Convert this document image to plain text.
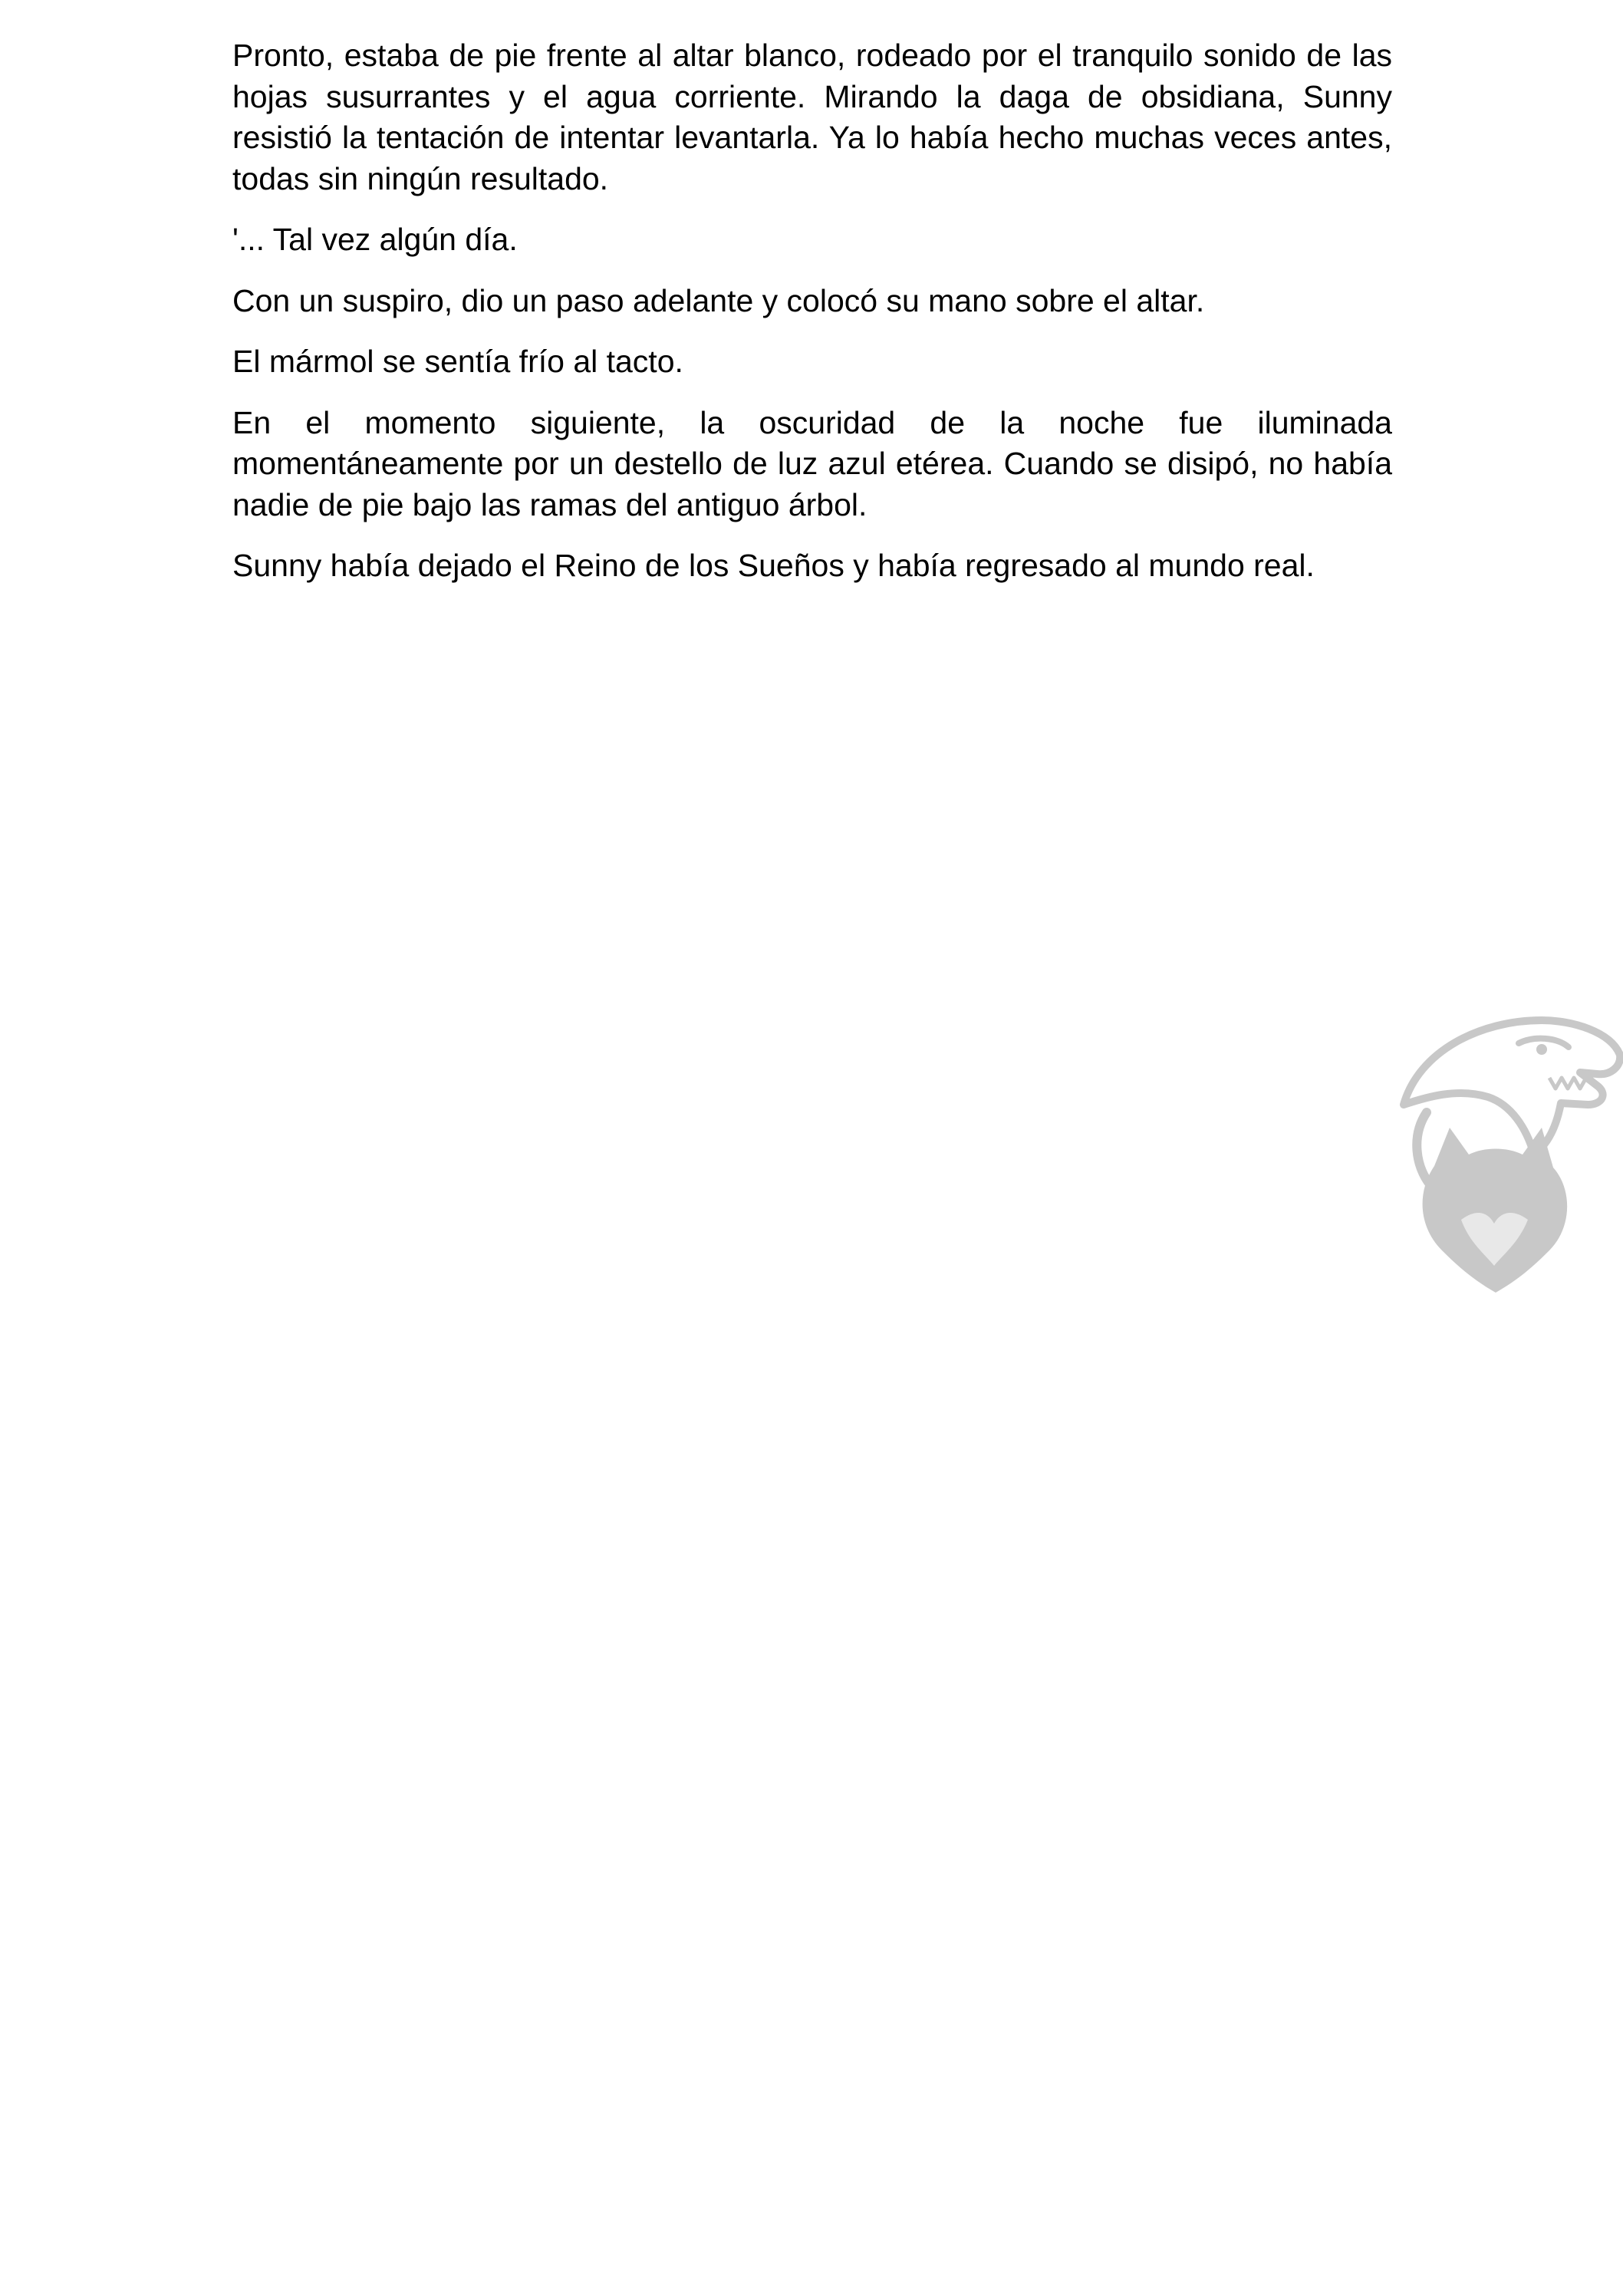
Pronto, estaba de pie frente al altar blanco, rodeado por el tranquilo sonido de las hojas susurrantes y el agua corriente. Mirando la daga de obsidiana, Sunny resistió la tentación de intentar levantarla. Ya lo había hecho muchas veces antes, todas sin ningún resultado.

'... Tal vez algún día.

Con un suspiro, dio un paso adelante y colocó su mano sobre el altar.

El mármol se sentía frío al tacto.

En el momento siguiente, la oscuridad de la noche fue iluminada momentáneamente por un destello de luz azul etérea. Cuando se disipó, no había nadie de pie bajo las ramas del antiguo árbol.

Sunny había dejado el Reino de los Sueños y había regresado al mundo real.
